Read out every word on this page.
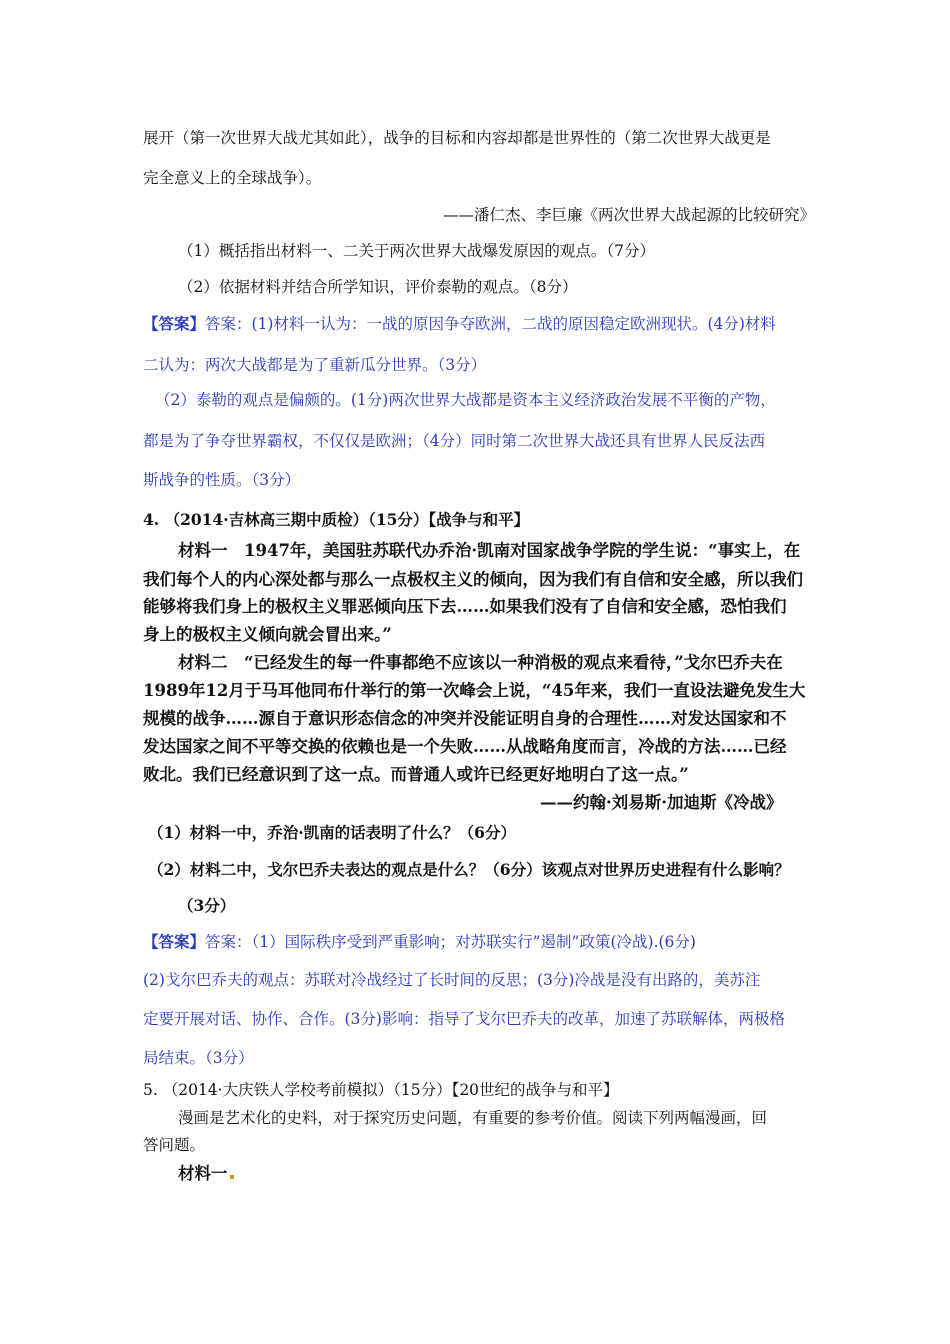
展开（第一次世界大战尤其如此），战争的目标和内容却都是世界性的（第二次世界大战更是
完全意义上的全球战争）。
——潘仁杰、李巨廉《两次世界大战起源的比较研究》
（1）概括指出材料一、二关于两次世界大战爆发原因的观点。（7分）
（2）依据材料并结合所学知识，评价泰勒的观点。（8分）
【答案】答案：(1)材料一认为：一战的原因争夺欧洲，二战的原因稳定欧洲现状。(4分)材料
二认为：两次大战都是为了重新瓜分世界。（3分）
（2）泰勒的观点是偏颇的。(1分)两次世界大战都是资本主义经济政治发展不平衡的产物，
都是为了争夺世界霸权，不仅仅是欧洲；（4分）同时第二次世界大战还具有世界人民反法西
斯战争的性质。（3分）
4. （2014·吉林高三期中质检）（15分）【战争与和平】
材料一　1947年，美国驻苏联代办乔治·凯南对国家战争学院的学生说：“事实上，在
我们每个人的内心深处都与那么一点极权主义的倾向，因为我们有自信和安全感，所以我们
能够将我们身上的极权主义罪恶倾向压下去……如果我们没有了自信和安全感，恐怕我们
身上的极权主义倾向就会冒出来。”
材料二　“已经发生的每一件事都绝不应该以一种消极的观点来看待，”戈尔巴乔夫在
1989年12月于马耳他同布什举行的第一次峰会上说，“45年来，我们一直设法避免发生大
规模的战争……源自于意识形态信念的冲突并没能证明自身的合理性……对发达国家和不
发达国家之间不平等交换的依赖也是一个失败……从战略角度而言，冷战的方法……已经
败北。我们已经意识到了这一点。而普通人或许已经更好地明白了这一点。”
——约翰·刘易斯·加迪斯《冷战》
（1）材料一中，乔治·凯南的话表明了什么？（6分）
（2）材料二中，戈尔巴乔夫表达的观点是什么？（6分）该观点对世界历史进程有什么影响？
（3分）
【答案】答案：（1）国际秩序受到严重影响；对苏联实行”遏制”政策(冷战).(6分)
(2)戈尔巴乔夫的观点：苏联对冷战经过了长时间的反思；(3分)冷战是没有出路的，美苏注
定要开展对话、协作、合作。(3分)影响：指导了戈尔巴乔夫的改革，加速了苏联解体，两极格
局结束。（3分）
5. （2014·大庆铁人学校考前模拟）（15分）【20世纪的战争与和平】
漫画是艺术化的史料，对于探究历史问题，有重要的参考价值。阅读下列两幅漫画，回
答问题。
材料一
